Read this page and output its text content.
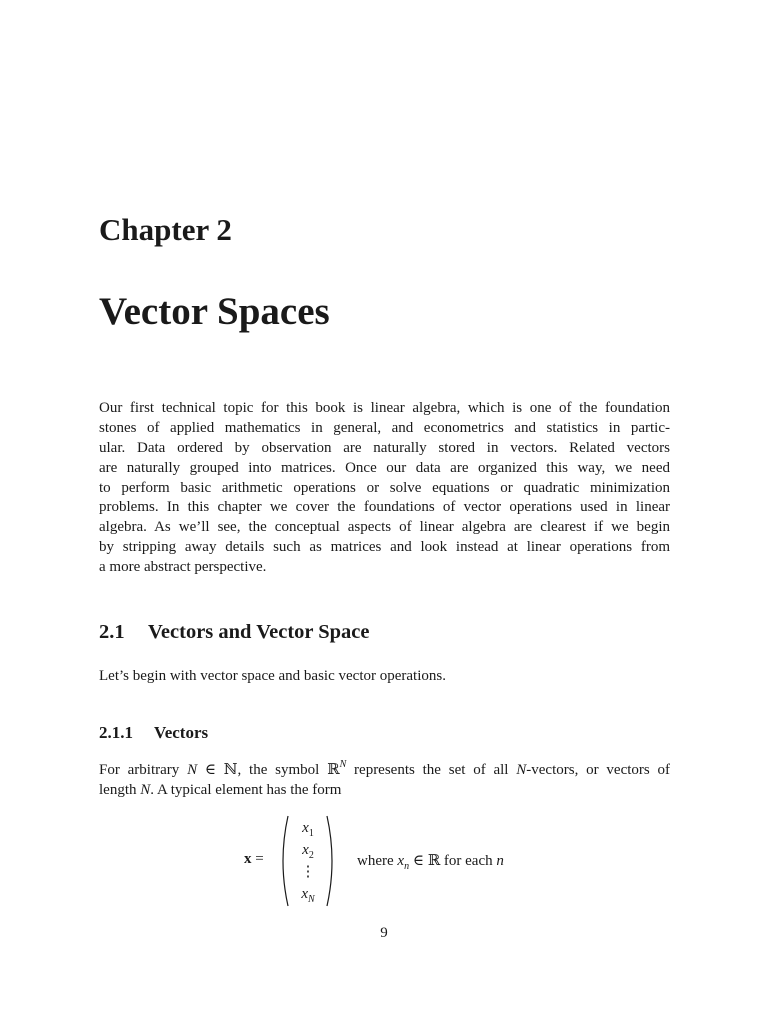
Chapter 2
Vector Spaces

Our first technical topic for this book is linear algebra, which is one of the foundation
stones of applied mathematics in general, and econometrics and statistics in partic-
ular. Data ordered by observation are naturally stored in vectors. Related vectors
are naturally grouped into matrices. Once our data are organized this way, we need
to perform basic arithmetic operations or solve equations or quadratic minimization
problems. In this chapter we cover the foundations of vector operations used in linear
algebra. As we’ll see, the conceptual aspects of linear algebra are clearest if we begin
by stripping away details such as matrices and look instead at linear operations from
a more abstract perspective.

2.1 Vectors and Vector Space

Let’s begin with vector space and basic vector operations.

2.1.1 Vectors

For arbitrary N ∈ ℕ, the symbol ℝ$^N$ represents the set of all N-vectors, or vectors of
length N. A typical element has the form

x =
$x_1$
$x_2$
⋮
$x_N$
where $x_n$ ∈ ℝ for each n

9
